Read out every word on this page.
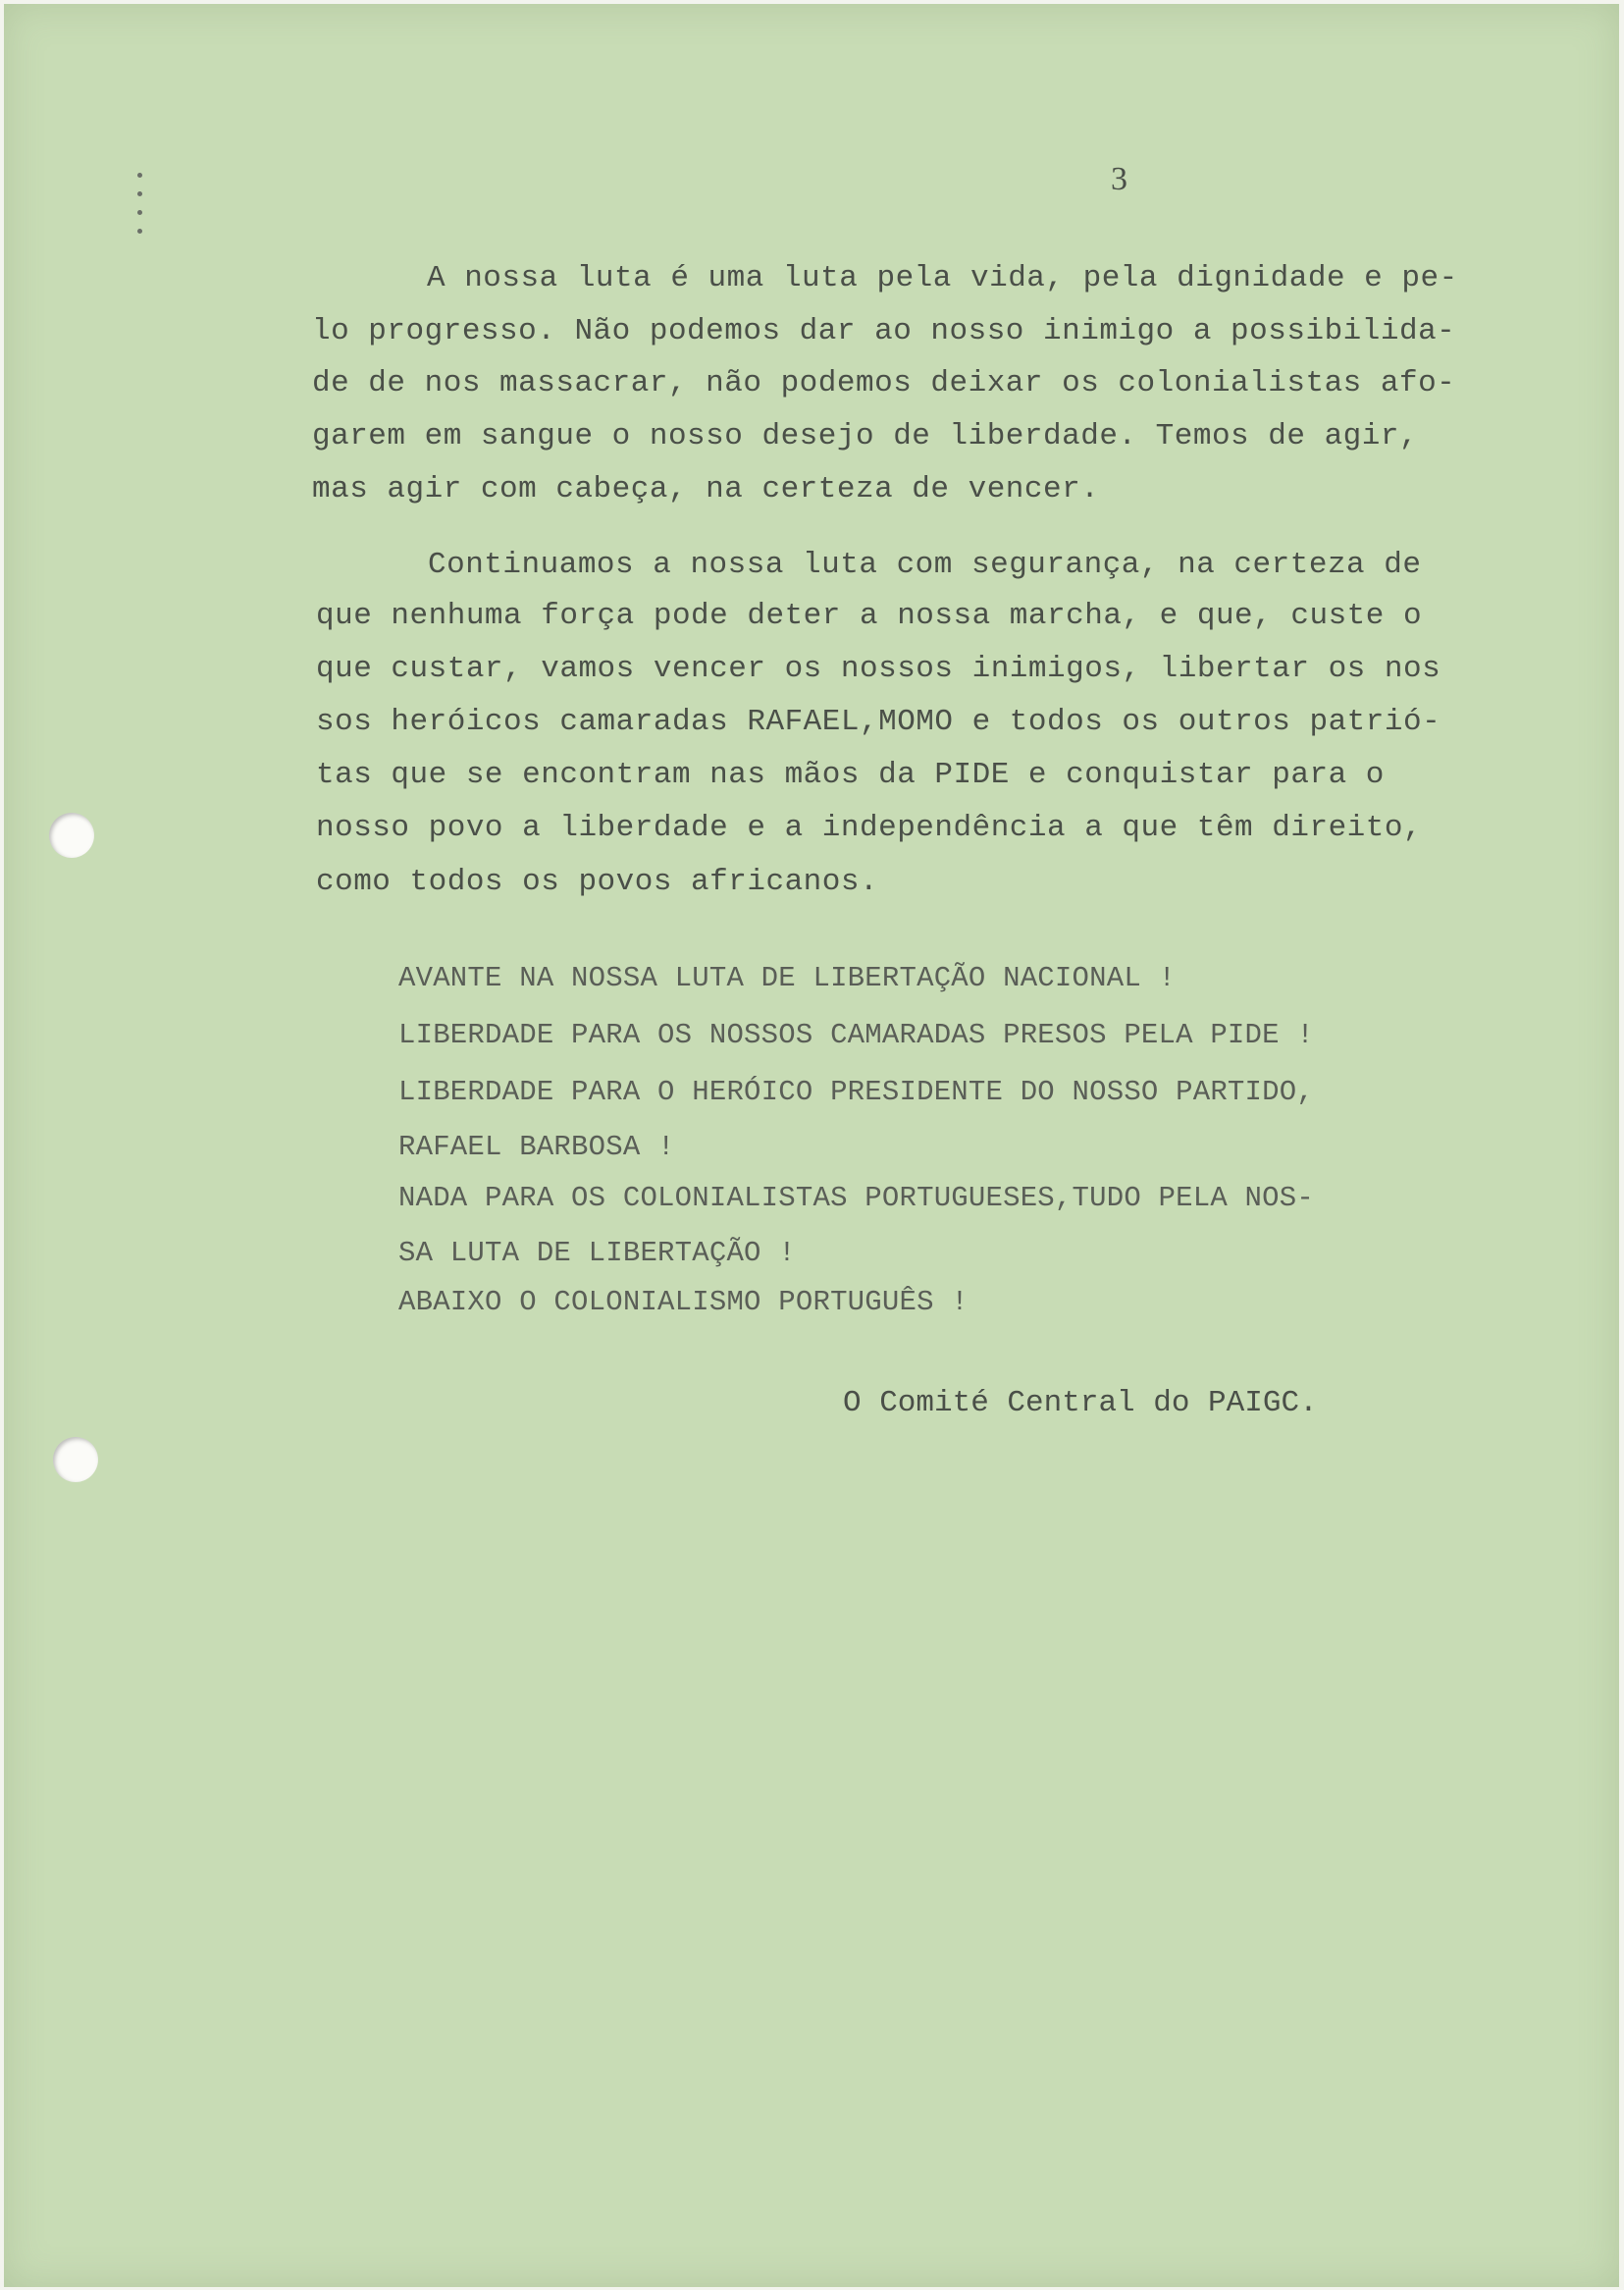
3
A nossa luta é uma luta pela vida, pela dignidade e pe-
lo progresso. Não podemos dar ao nosso inimigo a possibilida-
de de nos massacrar, não podemos deixar os colonialistas afo-
garem em sangue o nosso desejo de liberdade. Temos de agir,
mas agir com cabeça, na certeza de vencer.
Continuamos a nossa luta com segurança, na certeza de
que nenhuma força pode deter a nossa marcha, e que, custe o
que custar, vamos vencer os nossos inimigos, libertar os nos
sos heróicos camaradas RAFAEL,MOMO e todos os outros patrió-
tas que se encontram nas mãos da PIDE e conquistar para o
nosso povo a liberdade e a independência a que têm direito,
como todos os povos africanos.
AVANTE NA NOSSA LUTA DE LIBERTAÇÃO NACIONAL !
LIBERDADE PARA OS NOSSOS CAMARADAS PRESOS PELA PIDE !
LIBERDADE PARA O HERÓICO PRESIDENTE DO NOSSO PARTIDO,
RAFAEL BARBOSA !
NADA PARA OS COLONIALISTAS PORTUGUESES,TUDO PELA NOS-
SA LUTA DE LIBERTAÇÃO !
ABAIXO O COLONIALISMO PORTUGUÊS !
O Comité Central do PAIGC.
